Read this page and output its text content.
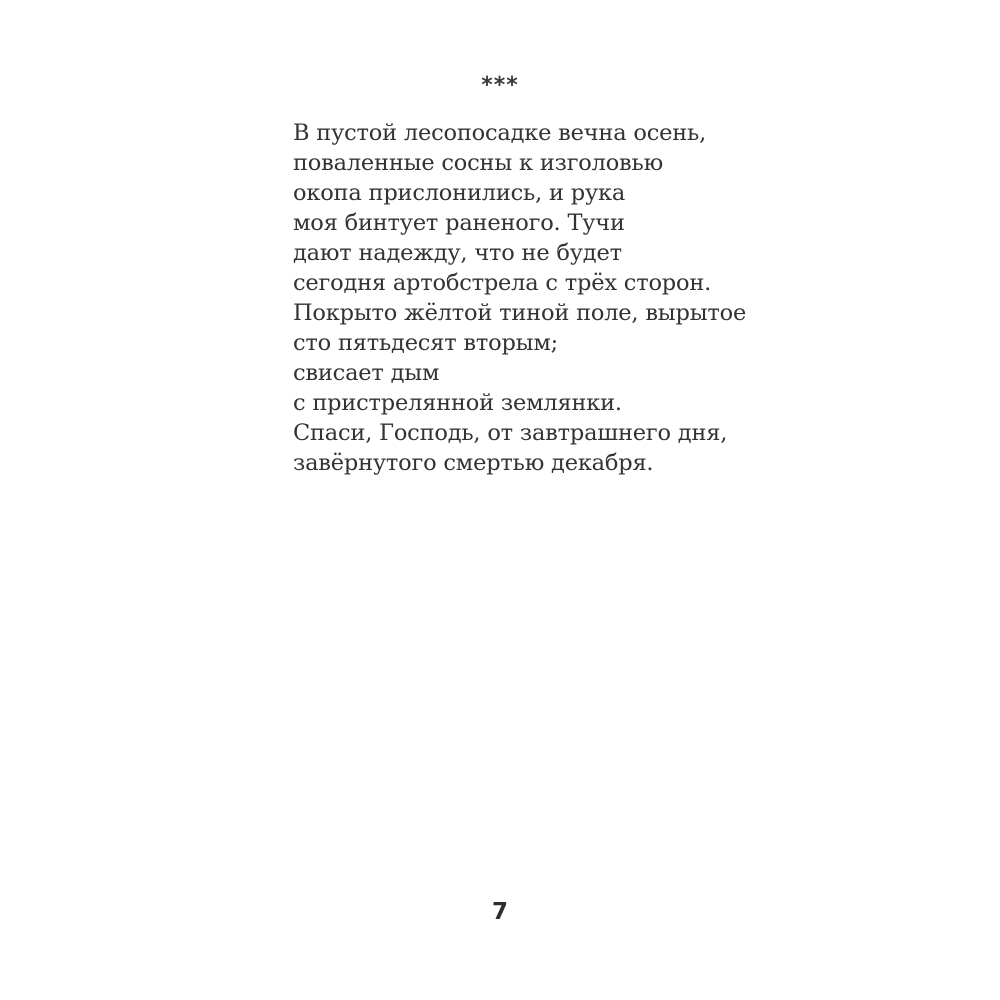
***
В пустой лесопосадке вечна осень,
поваленные сосны к изголовью
окопа прислонились, и рука
моя бинтует раненого. Тучи
дают надежду, что не будет
сегодня артобстрела с трёх сторон.
Покрыто жёлтой тиной поле, вырытое
сто пятьдесят вторым;
свисает дым
с пристрелянной землянки.
Спаси, Господь, от завтрашнего дня,
завёрнутого смертью декабря.
7
